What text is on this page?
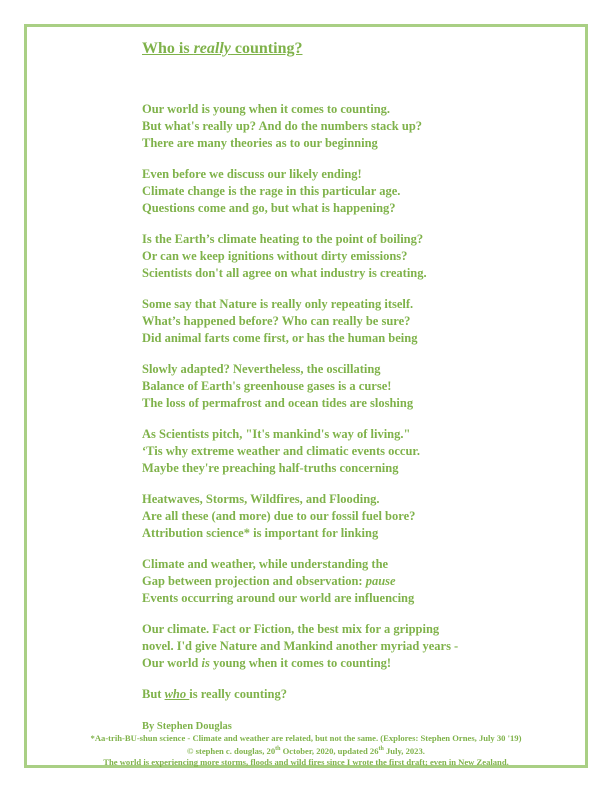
Who is really counting?
Our world is young when it comes to counting.
But what's really up? And do the numbers stack up?
There are many theories as to our beginning
Even before we discuss our likely ending!
Climate change is the rage in this particular age.
Questions come and go, but what is happening?
Is the Earth’s climate heating to the point of boiling?
Or can we keep ignitions without dirty emissions?
Scientists don't all agree on what industry is creating.
Some say that Nature is really only repeating itself.
What’s happened before? Who can really be sure?
Did animal farts come first, or has the human being
Slowly adapted? Nevertheless, the oscillating
Balance of Earth's greenhouse gases is a curse!
The loss of permafrost and ocean tides are sloshing
As Scientists pitch, "It's mankind's way of living."
‘Tis why extreme weather and climatic events occur.
Maybe they're preaching half-truths concerning
Heatwaves, Storms, Wildfires, and Flooding.
Are all these (and more) due to our fossil fuel bore?
Attribution science* is important for linking
Climate and weather, while understanding the
Gap between projection and observation: pause
Events occurring around our world are influencing
Our climate. Fact or Fiction, the best mix for a gripping
novel. I'd give Nature and Mankind another myriad years -
Our world is young when it comes to counting!
But who is really counting?
By Stephen Douglas
*Aa-trih-BU-shun science - Climate and weather are related, but not the same. (Explores: Stephen Ornes, July 30 '19)
© stephen c. douglas, 20th October, 2020, updated 26th July, 2023.
The world is experiencing more storms, floods and wild fires since I wrote the first draft; even in New Zealand.
